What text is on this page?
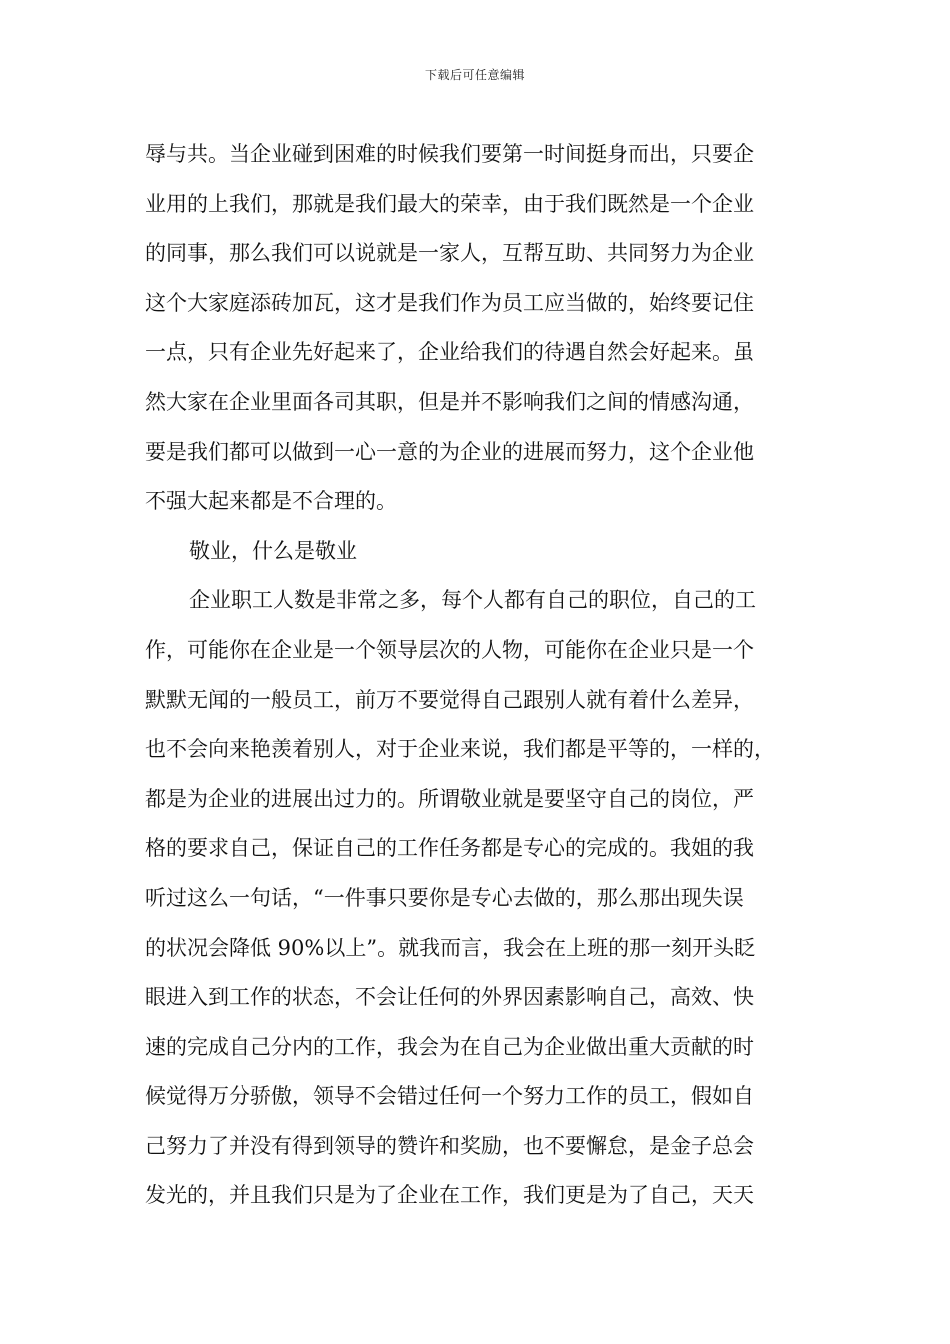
下载后可任意编辑
辱与共。当企业碰到困难的时候我们要第一时间挺身而出，只要企
业用的上我们，那就是我们最大的荣幸，由于我们既然是一个企业
的同事，那么我们可以说就是一家人，互帮互助、共同努力为企业
这个大家庭添砖加瓦，这才是我们作为员工应当做的，始终要记住
一点，只有企业先好起来了，企业给我们的待遇自然会好起来。虽
然大家在企业里面各司其职，但是并不影响我们之间的情感沟通，
要是我们都可以做到一心一意的为企业的进展而努力，这个企业他
不强大起来都是不合理的。
敬业，什么是敬业
企业职工人数是非常之多，每个人都有自己的职位，自己的工
作，可能你在企业是一个领导层次的人物，可能你在企业只是一个
默默无闻的一般员工，前万不要觉得自己跟别人就有着什么差异，
也不会向来艳羡着别人，对于企业来说，我们都是平等的，一样的，
都是为企业的进展出过力的。所谓敬业就是要坚守自己的岗位，严
格的要求自己，保证自己的工作任务都是专心的完成的。我姐的我
听过这么一句话，“一件事只要你是专心去做的，那么那出现失误
的状况会降低 90%以上”。就我而言，我会在上班的那一刻开头眨
眼进入到工作的状态，不会让任何的外界因素影响自己，高效、快
速的完成自己分内的工作，我会为在自己为企业做出重大贡献的时
候觉得万分骄傲，领导不会错过任何一个努力工作的员工，假如自
己努力了并没有得到领导的赞许和奖励，也不要懈怠，是金子总会
发光的，并且我们只是为了企业在工作，我们更是为了自己，天天
